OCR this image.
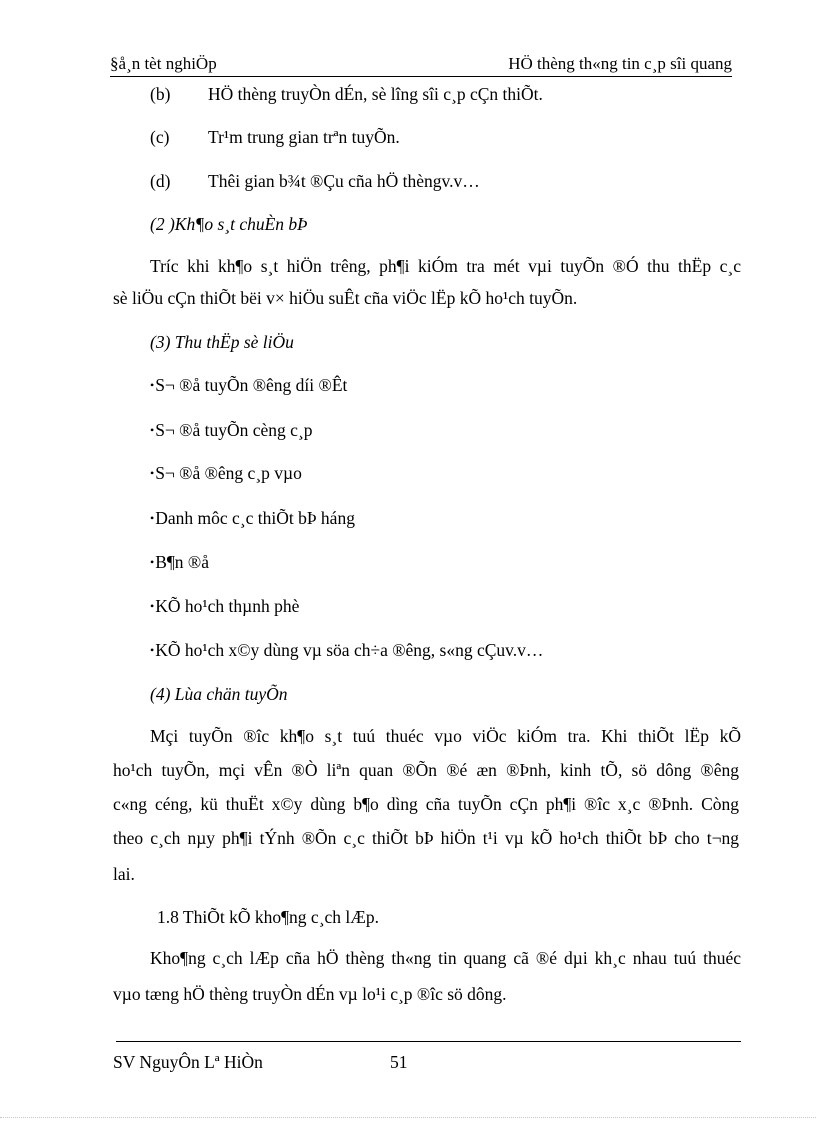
§å¸n tèt nghiÖp	HÖ thèng th«ng tin c¸p sîi quang
(b) HÖ thèng truyÒn dÉn, sè lîng sîi c¸p cÇn thiÕt.
(c) Tr¹m trung gian trªn tuyÕn.
(d) Thêi gian b¾t ®Çu cña hÖ thèngv.v…
(2 )Kh¶o s¸t chuÈn bÞ
Tríc khi kh¶o s¸t hiÖn trêng, ph¶i kiÓm tra mét vµi tuyÕn ®Ó thu thËp c¸c
sè liÖu cÇn thiÕt bëi v× hiÖu suÊt cña viÖc lËp kÕ ho¹ch tuyÕn.
(3) Thu thËp sè liÖu
•S¬ ®å tuyÕn ®êng díi ®Êt
•S¬ ®å tuyÕn cèng c¸p
•S¬ ®å ®êng c¸p vµo
•Danh môc c¸c thiÕt bÞ háng
•B¶n ®å
•KÕ ho¹ch thµnh phè
•KÕ ho¹ch x©y dùng vµ söa ch÷a ®êng, s«ng cÇuv.v…
(4) Lùa chän tuyÕn
Mçi tuyÕn ®îc kh¶o s¸t tuú thuéc vµo viÖc kiÓm tra. Khi thiÕt lËp kÕ
ho¹ch tuyÕn, mçi vÊn ®Ò liªn quan ®Õn ®é æn ®Þnh, kinh tÕ, sö dông ®êng
c«ng céng, kü thuËt x©y dùng b¶o dìng cña tuyÕn cÇn ph¶i ®îc x¸c ®Þnh. Còng
theo c¸ch nµy ph¶i tÝnh ®Õn c¸c thiÕt bÞ hiÖn t¹i vµ kÕ ho¹ch thiÕt bÞ cho t¬ng
lai.
1.8 ThiÕt kÕ kho¶ng c¸ch lÆp.
Kho¶ng c¸ch lÆp cña hÖ thèng th«ng tin quang cã ®é dµi kh¸c nhau tuú thuéc
vµo tæng hÖ thèng truyÒn dÉn vµ lo¹i c¸p ®îc sö dông.
SV NguyÔn Lª HiÒn	51
